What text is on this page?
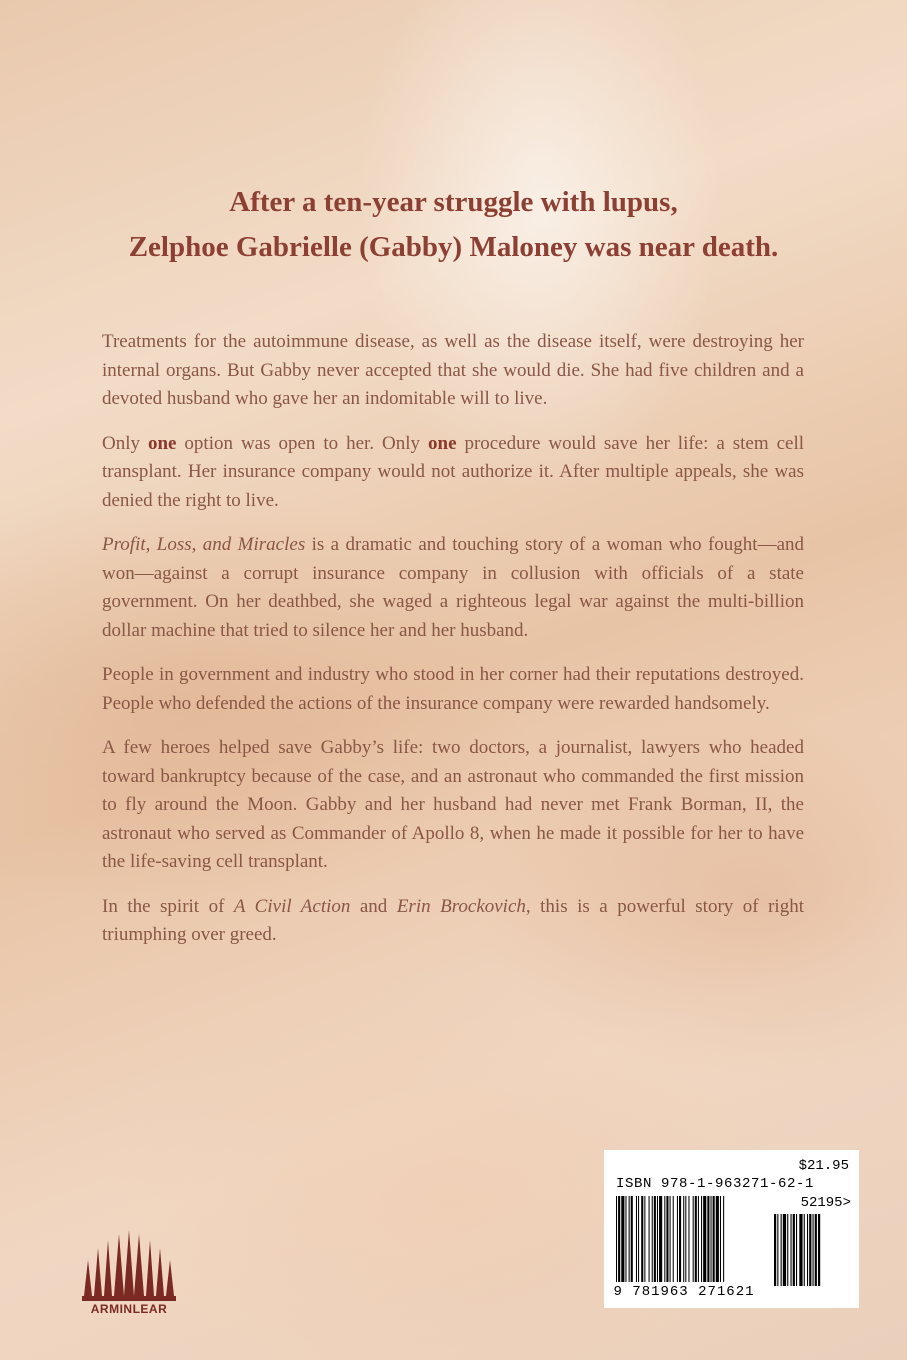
After a ten-year struggle with lupus,
Zelphoe Gabrielle (Gabby) Maloney was near death.

Treatments for the autoimmune disease, as well as the disease itself, were destroying her internal organs. But Gabby never accepted that she would die. She had five children and a devoted husband who gave her an indomitable will to live.

Only one option was open to her. Only one procedure would save her life: a stem cell transplant. Her insurance company would not authorize it. After multiple appeals, she was denied the right to live.

Profit, Loss, and Miracles is a dramatic and touching story of a woman who fought—and won—against a corrupt insurance company in collusion with officials of a state government. On her deathbed, she waged a righteous legal war against the multi-billion dollar machine that tried to silence her and her husband.

People in government and industry who stood in her corner had their reputations destroyed. People who defended the actions of the insurance company were rewarded handsomely.

A few heroes helped save Gabby’s life: two doctors, a journalist, lawyers who headed toward bankruptcy because of the case, and an astronaut who commanded the first mission to fly around the Moon. Gabby and her husband had never met Frank Borman, II, the astronaut who served as Commander of Apollo 8, when he made it possible for her to have the life-saving cell transplant.

In the spirit of A Civil Action and Erin Brockovich, this is a powerful story of right triumphing over greed.

ARMINLEAR
$21.95
ISBN 978-1-963271-62-1
52195>
9 781963 271621
